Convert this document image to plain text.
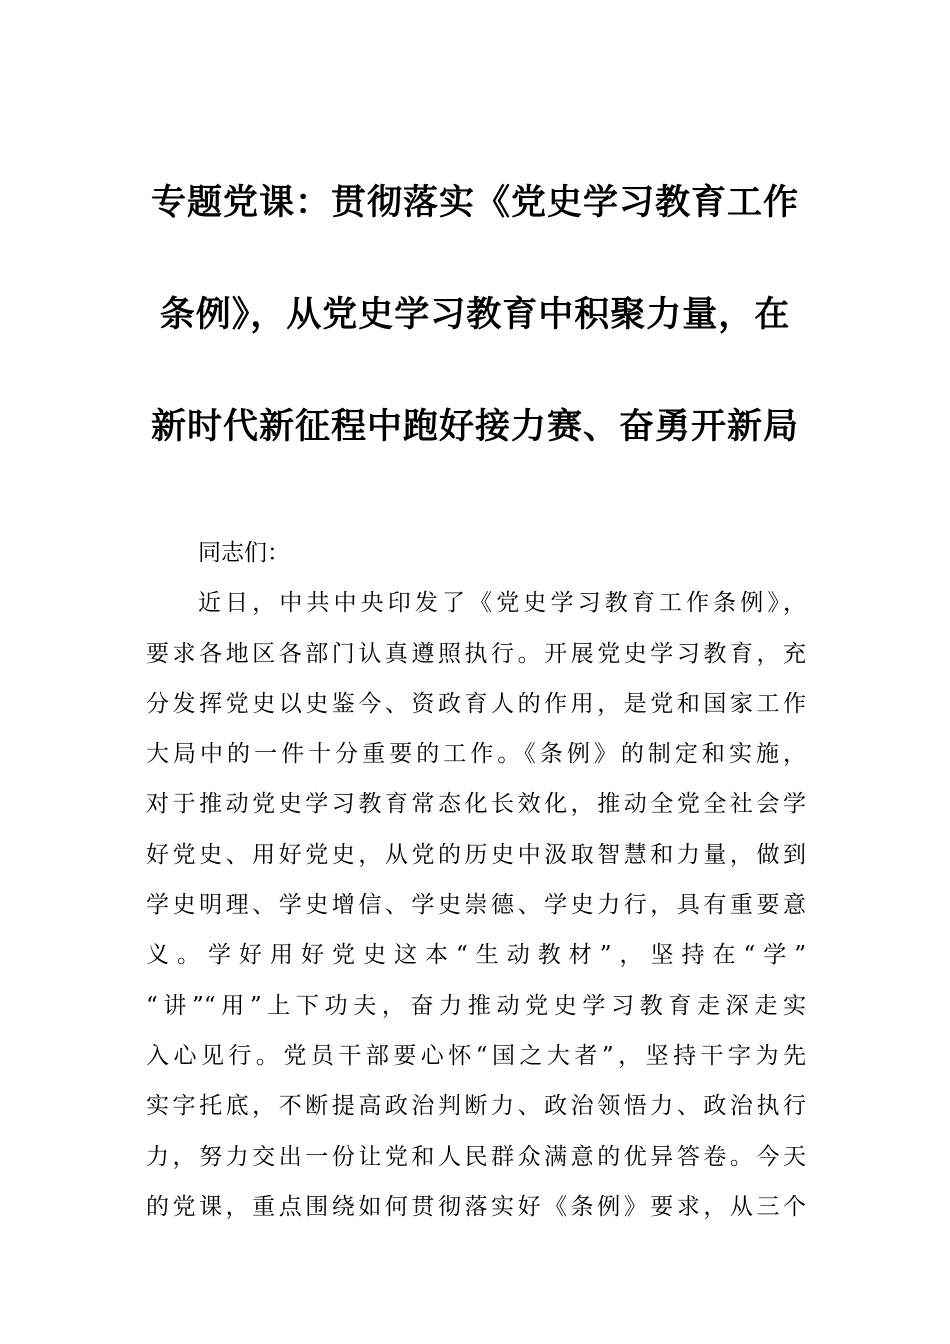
专题党课：贯彻落实《党史学习教育工作
条例》，从党史学习教育中积聚力量，在
新时代新征程中跑好接力赛、奋勇开新局
同志们：
近日，中共中央印发了《党史学习教育工作条例》，
要求各地区各部门认真遵照执行。开展党史学习教育，充
分发挥党史以史鉴今、资政育人的作用，是党和国家工作
大局中的一件十分重要的工作。《条例》的制定和实施，
对于推动党史学习教育常态化长效化，推动全党全社会学
好党史、用好党史，从党的历史中汲取智慧和力量，做到
学史明理、学史增信、学史崇德、学史力行，具有重要意
义。学好用好党史这本“生动教材”，坚持在“学”
“讲”“用”上下功夫，奋力推动党史学习教育走深走实
入心见行。党员干部要心怀“国之大者”，坚持干字为先
实字托底，不断提高政治判断力、政治领悟力、政治执行
力，努力交出一份让党和人民群众满意的优异答卷。今天
的党课，重点围绕如何贯彻落实好《条例》要求，从三个
